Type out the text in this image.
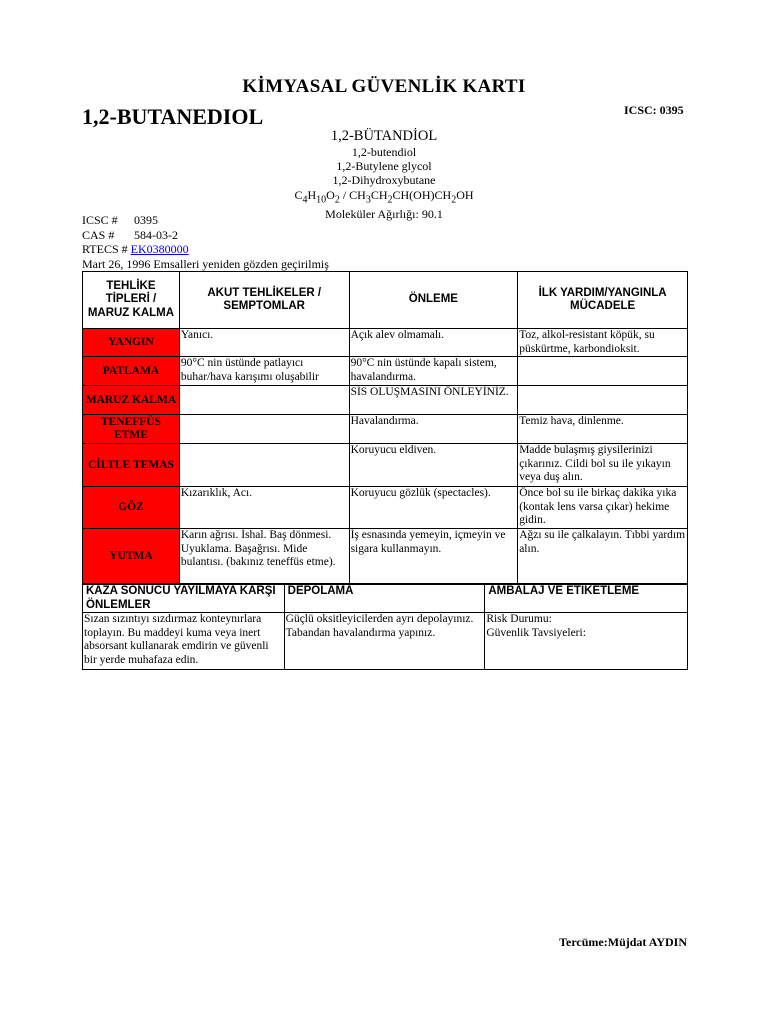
KİMYASAL GÜVENLİK KARTI
1,2-BUTANEDIOL	ICSC: 0395
1,2-BÜTANDİOL
1,2-butendiol
1,2-Butylene glycol
1,2-Dihydroxybutane
$C_4H_{10}O_2 / CH_3CH_2CH(OH)CH_2OH$
Moleküler Ağırlığı: 90.1
ICSC # 0395
CAS # 584-03-2
RTECS # EK0380000
Mart 26, 1996 Emsalleri yeniden gözden geçirilmiş
TEHLİKE TİPLERİ / MARUZ KALMA	AKUT TEHLİKELER / SEMPTOMLAR	ÖNLEME	İLK YARDIM/YANGINLA MÜCADELE
YANGIN	Yanıcı.	Açık alev olmamalı.	Toz, alkol-resistant köpük, su püskürtme, karbondioksit.
PATLAMA	90°C nin üstünde patlayıcı buhar/hava karışımı oluşabilir	90°C nin üstünde kapalı sistem, havalandırma.	
MARUZ KALMA		SİS OLUŞMASINI ÖNLEYİNİZ.	
TENEFFÜS ETME		Havalandırma.	Temiz hava, dinlenme.
CİLTLE TEMAS		Koruyucu eldiven.	Madde bulaşmış giysilerinizi çıkarınız. Cildi bol su ile yıkayın veya duş alın.
GÖZ	Kızarıklık, Acı.	Koruyucu gözlük (spectacles).	Önce bol su ile birkaç dakika yıka (kontak lens varsa çıkar) hekime gidin.
YUTMA	Karın ağrısı. İshal. Baş dönmesi. Uyuklama. Başağrısı. Mide bulantısı. (bakınız teneffüs etme).	İş esnasında yemeyin, içmeyin ve sigara kullanmayın.	Ağzı su ile çalkalayın. Tıbbi yardım alın.
KAZA SONUCU YAYILMAYA KARŞI ÖNLEMLER	DEPOLAMA	AMBALAJ VE ETİKETLEME
Sızan sızıntıyı sızdırmaz konteynırlara toplayın. Bu maddeyi kuma veya inert absorsant kullanarak emdirin ve güvenli bir yerde muhafaza edin.	Güçlü oksitleyicilerden ayrı depolayınız. Tabandan havalandırma yapınız.	Risk Durumu:
Güvenlik Tavsiyeleri:
Tercüme:Müjdat AYDIN
